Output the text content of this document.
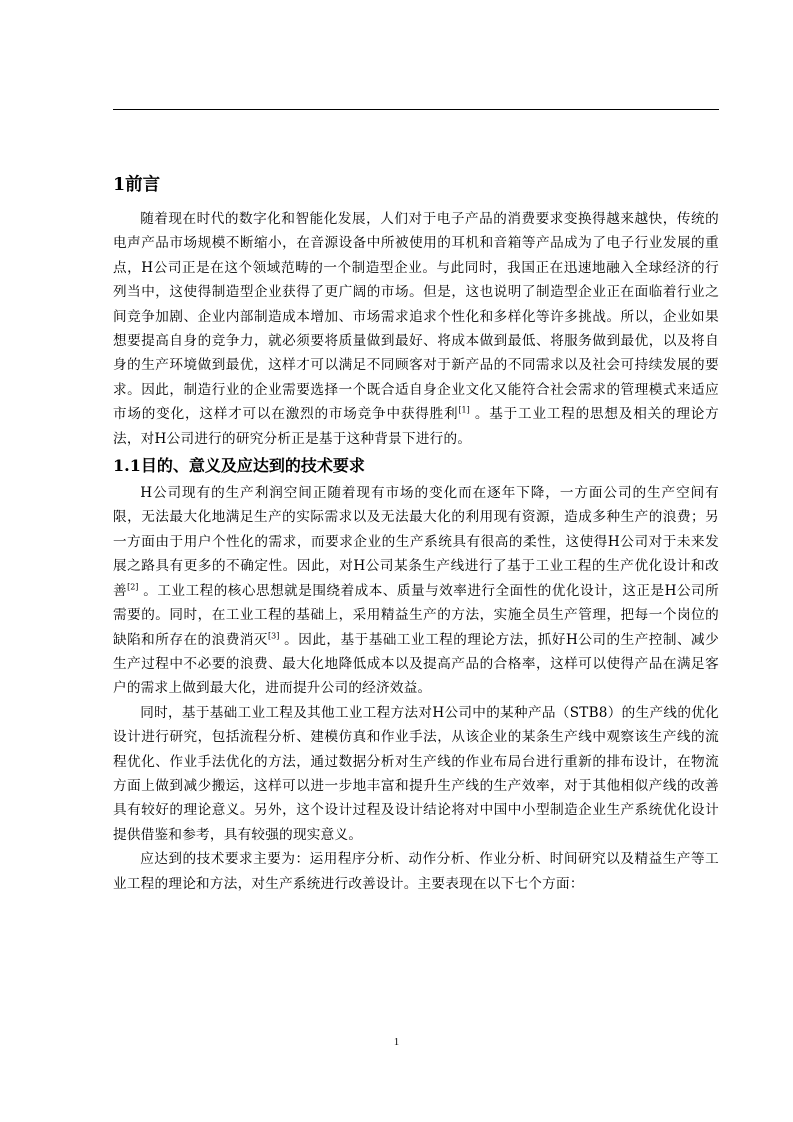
1前言

随着现在时代的数字化和智能化发展，人们对于电子产品的消费要求变换得越来越快，传统的电声产品市场规模不断缩小，在音源设备中所被使用的耳机和音箱等产品成为了电子行业发展的重点，H公司正是在这个领域范畴的一个制造型企业。与此同时，我国正在迅速地融入全球经济的行列当中，这使得制造型企业获得了更广阔的市场。但是，这也说明了制造型企业正在面临着行业之间竞争加剧、企业内部制造成本增加、市场需求追求个性化和多样化等许多挑战。所以，企业如果想要提高自身的竞争力，就必须要将质量做到最好、将成本做到最低、将服务做到最优，以及将自身的生产环境做到最优，这样才可以满足不同顾客对于新产品的不同需求以及社会可持续发展的要求。因此，制造行业的企业需要选择一个既合适自身企业文化又能符合社会需求的管理模式来适应市场的变化，这样才可以在激烈的市场竞争中获得胜利[1] 。基于工业工程的思想及相关的理论方法，对H公司进行的研究分析正是基于这种背景下进行的。

1.1目的、意义及应达到的技术要求

H公司现有的生产利润空间正随着现有市场的变化而在逐年下降，一方面公司的生产空间有限，无法最大化地满足生产的实际需求以及无法最大化的利用现有资源，造成多种生产的浪费；另一方面由于用户个性化的需求，而要求企业的生产系统具有很高的柔性，这使得H公司对于未来发展之路具有更多的不确定性。因此，对H公司某条生产线进行了基于工业工程的生产优化设计和改善[2] 。工业工程的核心思想就是围绕着成本、质量与效率进行全面性的优化设计，这正是H公司所需要的。同时，在工业工程的基础上，采用精益生产的方法，实施全员生产管理，把每一个岗位的缺陷和所存在的浪费消灭[3] 。因此，基于基础工业工程的理论方法，抓好H公司的生产控制、减少生产过程中不必要的浪费、最大化地降低成本以及提高产品的合格率，这样可以使得产品在满足客户的需求上做到最大化，进而提升公司的经济效益。

同时，基于基础工业工程及其他工业工程方法对H公司中的某种产品（STB8）的生产线的优化设计进行研究，包括流程分析、建模仿真和作业手法，从该企业的某条生产线中观察该生产线的流程优化、作业手法优化的方法，通过数据分析对生产线的作业布局台进行重新的排布设计，在物流方面上做到减少搬运，这样可以进一步地丰富和提升生产线的生产效率，对于其他相似产线的改善具有较好的理论意义。另外，这个设计过程及设计结论将对中国中小型制造企业生产系统优化设计提供借鉴和参考，具有较强的现实意义。

应达到的技术要求主要为：运用程序分析、动作分析、作业分析、时间研究以及精益生产等工业工程的理论和方法，对生产系统进行改善设计。主要表现在以下七个方面：

1
